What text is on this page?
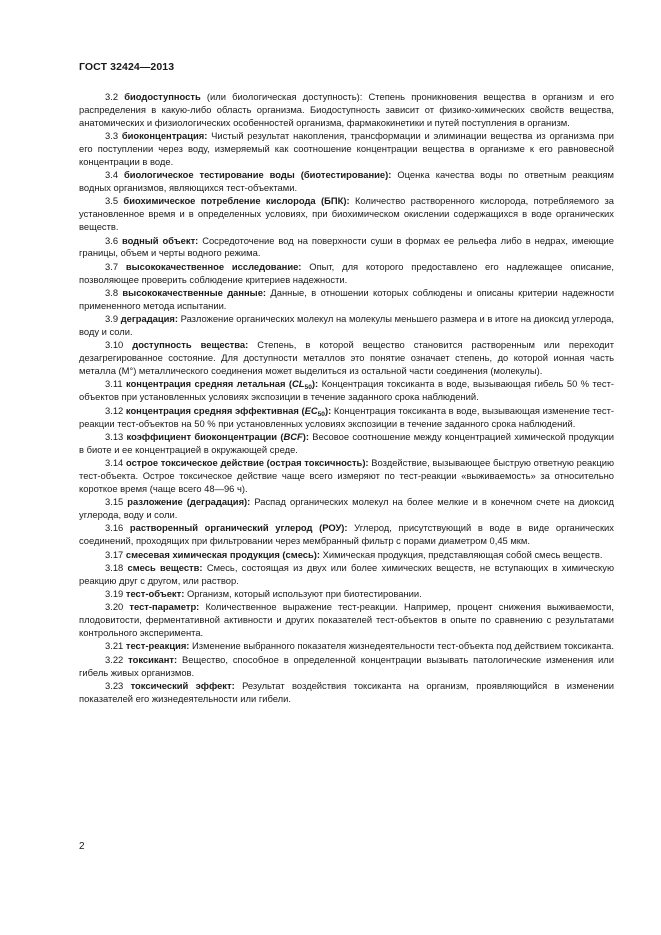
ГОСТ 32424—2013

3.2 биодоступность (или биологическая доступность): Степень проникновения вещества в организм и его распределения в какую-либо область организма. Биодоступность зависит от физико-химических свойств вещества, анатомических и физиологических особенностей организма, фармакокинетики и путей поступления в организм.

3.3 биоконцентрация: Чистый результат накопления, трансформации и элиминации вещества из организма при его поступлении через воду, измеряемый как соотношение концентрации вещества в организме к его равновесной концентрации в воде.

3.4 биологическое тестирование воды (биотестирование): Оценка качества воды по ответным реакциям водных организмов, являющихся тест-объектами.

3.5 биохимическое потребление кислорода (БПК): Количество растворенного кислорода, потребляемого за установленное время и в определенных условиях, при биохимическом окислении содержащихся в воде органических веществ.

3.6 водный объект: Сосредоточение вод на поверхности суши в формах ее рельефа либо в недрах, имеющие границы, объем и черты водного режима.

3.7 высококачественное исследование: Опыт, для которого предоставлено его надлежащее описание, позволяющее проверить соблюдение критериев надежности.

3.8 высококачественные данные: Данные, в отношении которых соблюдены и описаны критерии надежности примененного метода испытании.

3.9 деградация: Разложение органических молекул на молекулы меньшего размера и в итоге на диоксид углерода, воду и соли.

3.10 доступность вещества: Степень, в которой вещество становится растворенным или переходит дезагрегированное состояние. Для доступности металлов это понятие означает степень, до которой ионная часть металла (M°) металлического соединения может выделиться из остальной части соединения (молекулы).

3.11 концентрация средняя летальная $(CL_{50})$: Концентрация токсиканта в воде, вызывающая гибель 50 % тест-объектов при установленных условиях экспозиции в течение заданного срока наблюдений.

3.12 концентрация средняя эффективная $(EC_{50})$: Концентрация токсиканта в воде, вызывающая изменение тест-реакции тест-объектов на 50 % при установленных условиях экспозиции в течение заданного срока наблюдений.

3.13 коэффициент биоконцентрации (BCF): Весовое соотношение между концентрацией химической продукции в биоте и ее концентрацией в окружающей среде.

3.14 острое токсическое действие (острая токсичность): Воздействие, вызывающее быструю ответную реакцию тест-объекта. Острое токсическое действие чаще всего измеряют по тест-реакции «выживаемость» за относительно короткое время (чаще всего 48—96 ч).

3.15 разложение (деградация): Распад органических молекул на более мелкие и в конечном счете на диоксид углерода, воду и соли.

3.16 растворенный органический углерод (РОУ): Углерод, присутствующий в воде в виде органических соединений, проходящих при фильтровании через мембранный фильтр с порами диаметром 0,45 мкм.

3.17 смесевая химическая продукция (смесь): Химическая продукция, представляющая собой смесь веществ.

3.18 смесь веществ: Смесь, состоящая из двух или более химических веществ, не вступающих в химическую реакцию друг с другом, или раствор.

3.19 тест-объект: Организм, который используют при биотестировании.

3.20 тест-параметр: Количественное выражение тест-реакции. Например, процент снижения выживаемости, плодовитости, ферментативной активности и других показателей тест-объектов в опыте по сравнению с результатами контрольного эксперимента.

3.21 тест-реакция: Изменение выбранного показателя жизнедеятельности тест-объекта под действием токсиканта.

3.22 токсикант: Вещество, способное в определенной концентрации вызывать патологические изменения или гибель живых организмов.

3.23 токсический эффект: Результат воздействия токсиканта на организм, проявляющийся в изменении показателей его жизнедеятельности или гибели.

2
